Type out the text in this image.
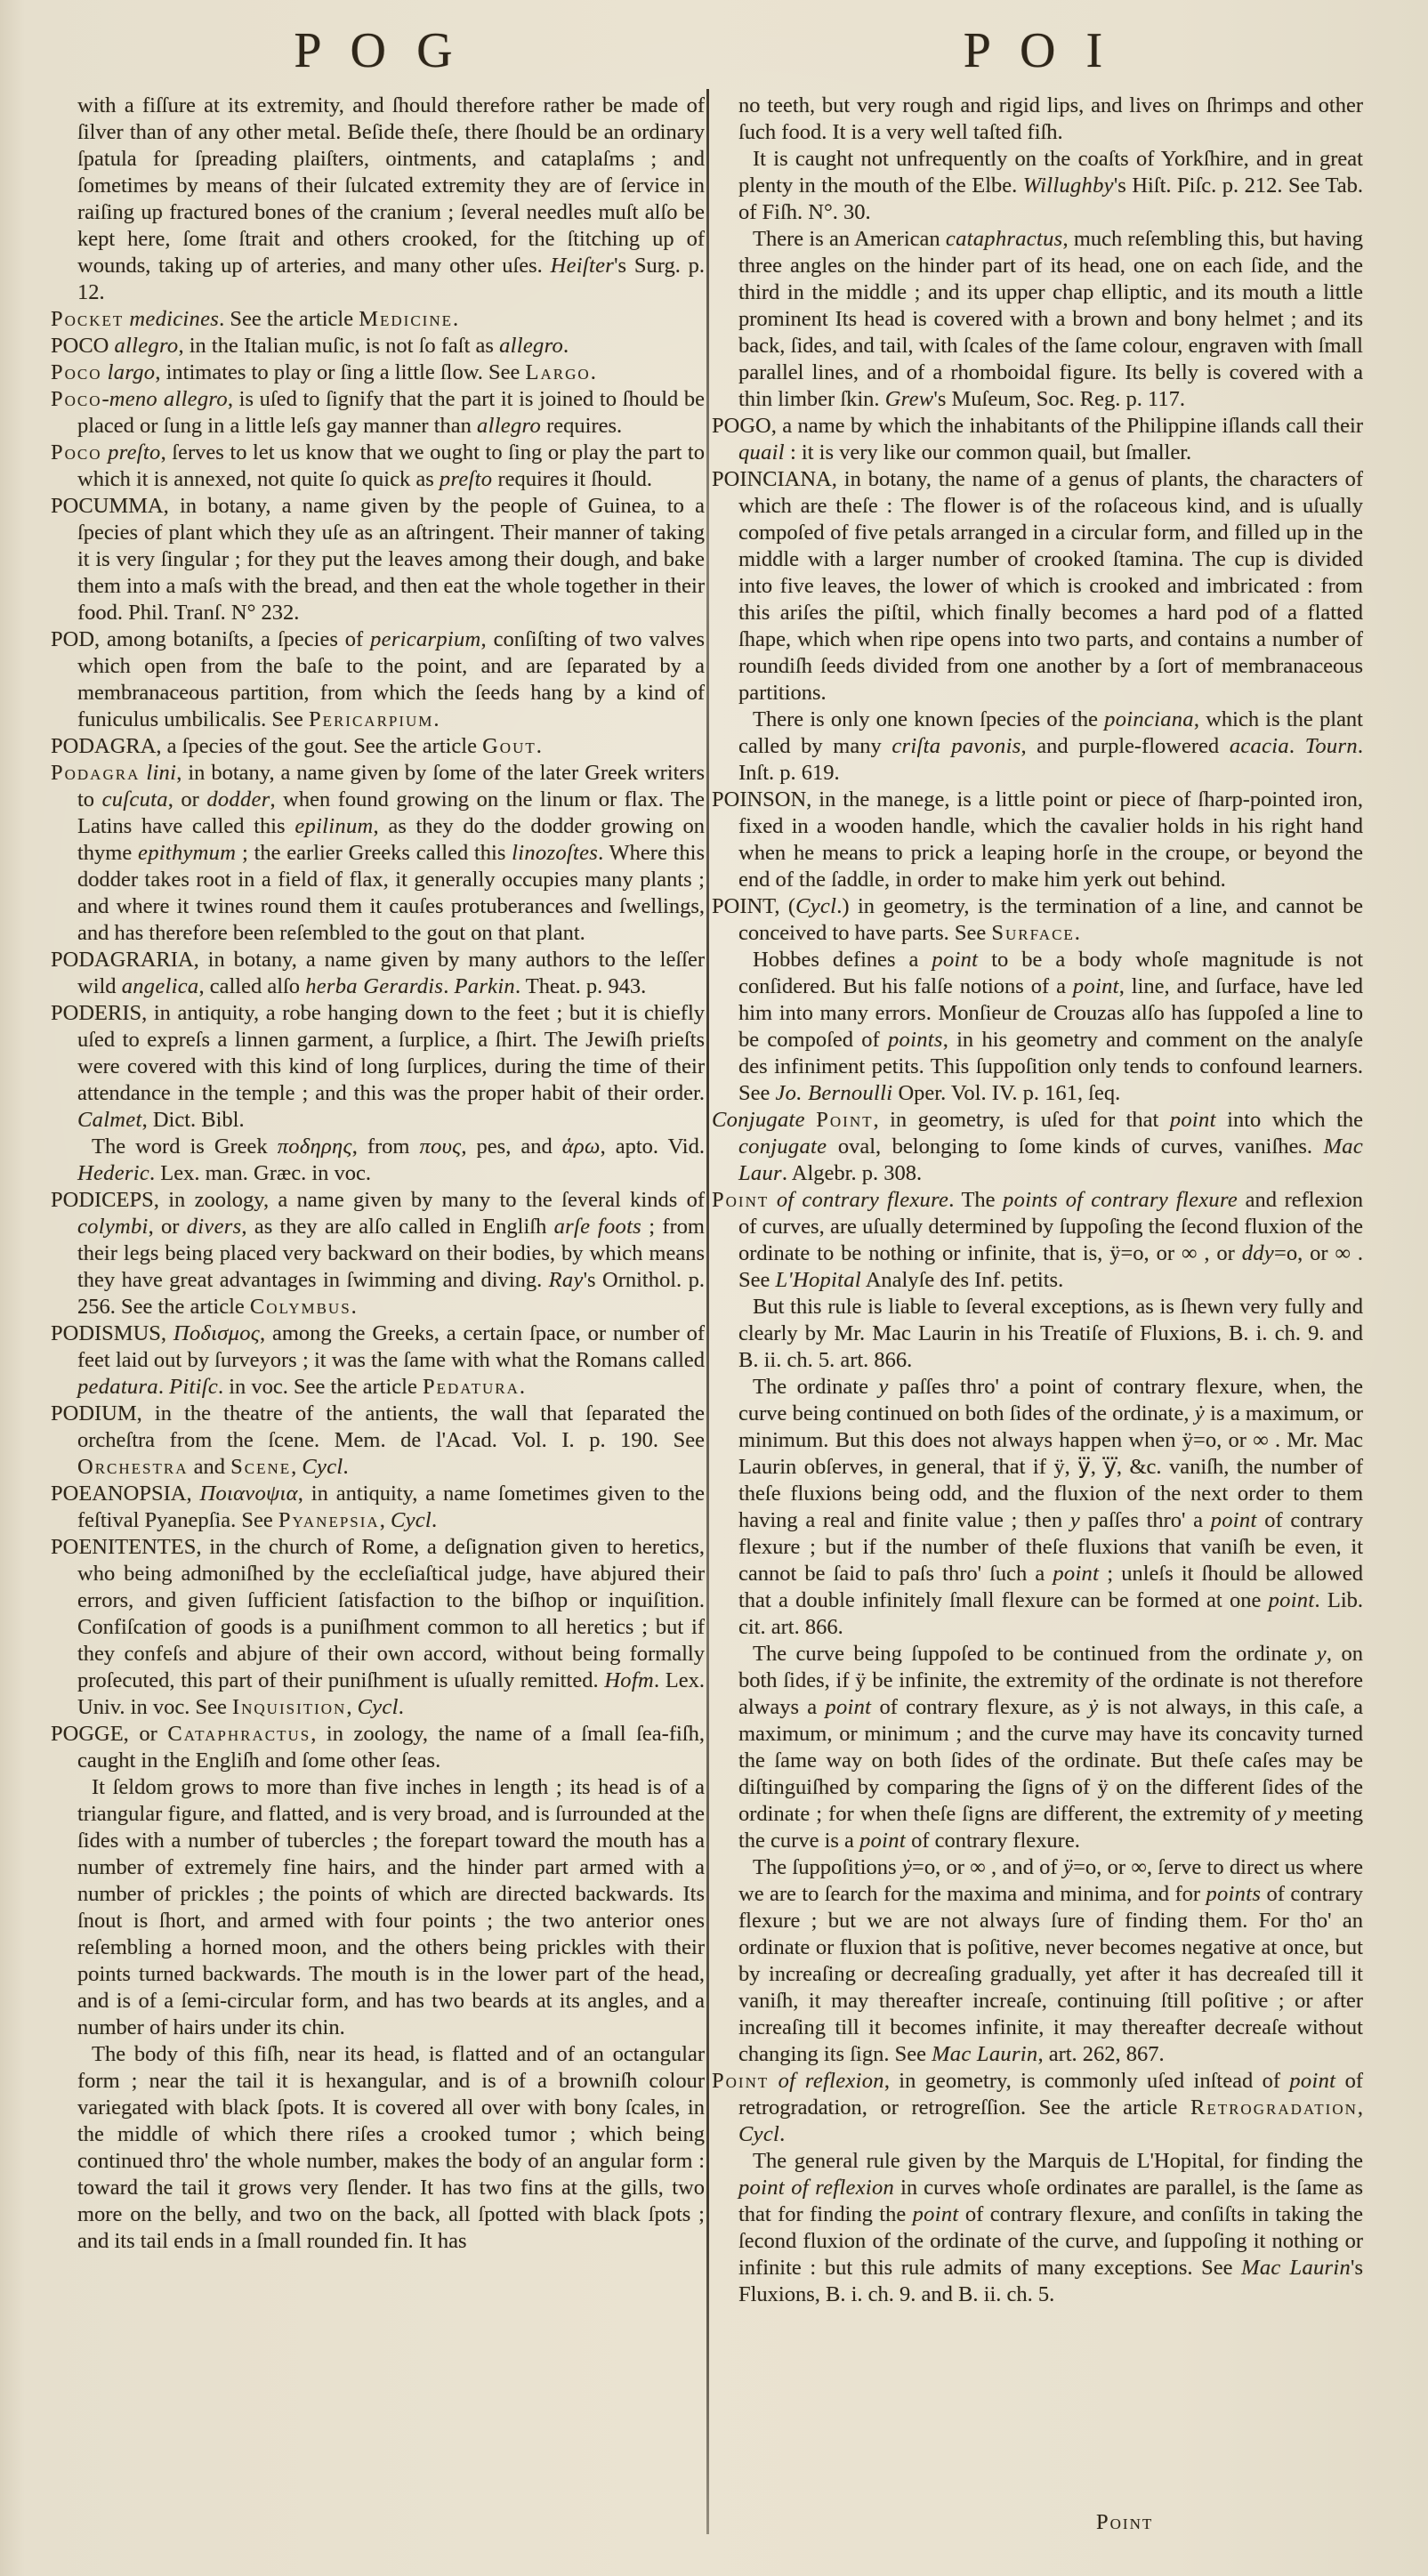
P O G	P O I

with a fiſſure at its extremity, and ſhould therefore rather be made of ſilver than of any other metal. Beſide theſe, there ſhould be an ordinary ſpatula for ſpreading plaiſters, ointments, and cataplaſms ; and ſometimes by means of their ſulcated extremity they are of ſervice in raiſing up fractured bones of the cranium ; ſeveral needles muſt alſo be kept here, ſome ſtrait and others crooked, for the ſtitching up of wounds, taking up of arteries, and many other uſes. Heiſter's Surg. p. 12.

Pocket medicines. See the article Medicine.

POCO allegro, in the Italian muſic, is not ſo faſt as allegro.

Poco largo, intimates to play or ſing a little ſlow. See Largo.

Poco-meno allegro, is uſed to ſignify that the part it is joined to ſhould be placed or ſung in a little leſs gay manner than allegro requires.

Poco preſto, ſerves to let us know that we ought to ſing or play the part to which it is annexed, not quite ſo quick as preſto requires it ſhould.

POCUMMA, in botany, a name given by the people of Guinea, to a ſpecies of plant which they uſe as an aſtringent. Their manner of taking it is very ſingular ; for they put the leaves among their dough, and bake them into a maſs with the bread, and then eat the whole together in their food. Phil. Tranſ. N° 232.

POD, among botaniſts, a ſpecies of pericarpium, conſiſting of two valves which open from the baſe to the point, and are ſeparated by a membranaceous partition, from which the ſeeds hang by a kind of funiculus umbilicalis. See Pericarpium.

PODAGRA, a ſpecies of the gout. See the article Gout.

Podagra lini, in botany, a name given by ſome of the later Greek writers to cuſcuta, or dodder, when found growing on the linum or flax. The Latins have called this epilinum, as they do the dodder growing on thyme epithymum ; the earlier Greeks called this linozoſtes. Where this dodder takes root in a field of flax, it generally occupies many plants ; and where it twines round them it cauſes protuberances and ſwellings, and has therefore been reſembled to the gout on that plant.

PODAGRARIA, in botany, a name given by many authors to the leſſer wild angelica, called alſo herba Gerardis. Parkin. Theat. p. 943.

PODERIS, in antiquity, a robe hanging down to the feet ; but it is chiefly uſed to expreſs a linnen garment, a ſurplice, a ſhirt. The Jewiſh prieſts were covered with this kind of long ſurplices, during the time of their attendance in the temple ; and this was the proper habit of their order. Calmet, Dict. Bibl.

The word is Greek ποδηρης, from πους, pes, and ἁρω, apto. Vid. Hederic. Lex. man. Græc. in voc.

PODICEPS, in zoology, a name given by many to the ſeveral kinds of colymbi, or divers, as they are alſo called in Engliſh arſe foots ; from their legs being placed very backward on their bodies, by which means they have great advantages in ſwimming and diving. Ray's Ornithol. p. 256. See the article Colymbus.

PODISMUS, Ποδισμος, among the Greeks, a certain ſpace, or number of feet laid out by ſurveyors ; it was the ſame with what the Romans called pedatura. Pitiſc. in voc. See the article Pedatura.

PODIUM, in the theatre of the antients, the wall that ſeparated the orcheſtra from the ſcene. Mem. de l'Acad. Vol. I. p. 190. See Orchestra and Scene, Cycl.

POEANOPSIA, Ποιανοψια, in antiquity, a name ſometimes given to the feſtival Pyanepſia. See Pyanepsia, Cycl.

POENITENTES, in the church of Rome, a deſignation given to heretics, who being admoniſhed by the eccleſiaſtical judge, have abjured their errors, and given ſufficient ſatisfaction to the biſhop or inquiſition. Confiſcation of goods is a puniſhment common to all heretics ; but if they confeſs and abjure of their own accord, without being formally proſecuted, this part of their puniſhment is uſually remitted. Hofm. Lex. Univ. in voc. See Inquisition, Cycl.

POGGE, or Cataphractus, in zoology, the name of a ſmall ſea-fiſh, caught in the Engliſh and ſome other ſeas.

It ſeldom grows to more than five inches in length ; its head is of a triangular figure, and flatted, and is very broad, and is ſurrounded at the ſides with a number of tubercles ; the forepart toward the mouth has a number of extremely fine hairs, and the hinder part armed with a number of prickles ; the points of which are directed backwards. Its ſnout is ſhort, and armed with four points ; the two anterior ones reſembling a horned moon, and the others being prickles with their points turned backwards. The mouth is in the lower part of the head, and is of a ſemi-circular form, and has two beards at its angles, and a number of hairs under its chin.

The body of this fiſh, near its head, is flatted and of an octangular form ; near the tail it is hexangular, and is of a browniſh colour variegated with black ſpots. It is covered all over with bony ſcales, in the middle of which there riſes a crooked tumor ; which being continued thro' the whole number, makes the body of an angular form : toward the tail it grows very ſlender. It has two fins at the gills, two more on the belly, and two on the back, all ſpotted with black ſpots ; and its tail ends in a ſmall rounded fin. It has

no teeth, but very rough and rigid lips, and lives on ſhrimps and other ſuch food. It is a very well taſted fiſh.

It is caught not unfrequently on the coaſts of Yorkſhire, and in great plenty in the mouth of the Elbe. Willughby's Hiſt. Piſc. p. 212. See Tab. of Fiſh. N°. 30.

There is an American cataphractus, much reſembling this, but having three angles on the hinder part of its head, one on each ſide, and the third in the middle ; and its upper chap elliptic, and its mouth a little prominent Its head is covered with a brown and bony helmet ; and its back, ſides, and tail, with ſcales of the ſame colour, engraven with ſmall parallel lines, and of a rhomboidal figure. Its belly is covered with a thin limber ſkin. Grew's Muſeum, Soc. Reg. p. 117.

POGO, a name by which the inhabitants of the Philippine iſlands call their quail : it is very like our common quail, but ſmaller.

POINCIANA, in botany, the name of a genus of plants, the characters of which are theſe : The flower is of the roſaceous kind, and is uſually compoſed of five petals arranged in a circular form, and filled up in the middle with a larger number of crooked ſtamina. The cup is divided into five leaves, the lower of which is crooked and imbricated : from this ariſes the piſtil, which finally becomes a hard pod of a flatted ſhape, which when ripe opens into two parts, and contains a number of roundiſh ſeeds divided from one another by a ſort of membranaceous partitions.

There is only one known ſpecies of the poinciana, which is the plant called by many criſta pavonis, and purple-flowered acacia. Tourn. Inſt. p. 619.

POINSON, in the manege, is a little point or piece of ſharp-pointed iron, fixed in a wooden handle, which the cavalier holds in his right hand when he means to prick a leaping horſe in the croupe, or beyond the end of the ſaddle, in order to make him yerk out behind.

POINT, (Cycl.) in geometry, is the termination of a line, and cannot be conceived to have parts. See Surface.

Hobbes defines a point to be a body whoſe magnitude is not conſidered. But his falſe notions of a point, line, and ſurface, have led him into many errors. Monſieur de Crouzas alſo has ſuppoſed a line to be compoſed of points, in his geometry and comment on the analyſe des infiniment petits. This ſuppoſition only tends to confound learners. See Jo. Bernoulli Oper. Vol. IV. p. 161, ſeq.

Conjugate Point, in geometry, is uſed for that point into which the conjugate oval, belonging to ſome kinds of curves, vaniſhes. Mac Laur. Algebr. p. 308.

Point of contrary flexure. The points of contrary flexure and reflexion of curves, are uſually determined by ſuppoſing the ſecond fluxion of the ordinate to be nothing or infinite, that is, ÿ=o, or ∞ , or ddy=o, or ∞ . See L'Hopital Analyſe des Inf. petits.

But this rule is liable to ſeveral exceptions, as is ſhewn very fully and clearly by Mr. Mac Laurin in his Treatiſe of Fluxions, B. i. ch. 9. and B. ii. ch. 5. art. 866.

The ordinate y paſſes thro' a point of contrary flexure, when, the curve being continued on both ſides of the ordinate, ẏ is a maximum, or minimum. But this does not always happen when ÿ=o, or ∞ . Mr. Mac Laurin obſerves, in general, that if ÿ, y⃛, y⃜, &c. vaniſh, the number of theſe fluxions being odd, and the fluxion of the next order to them having a real and finite value ; then y paſſes thro' a point of contrary flexure ; but if the number of theſe fluxions that vaniſh be even, it cannot be ſaid to paſs thro' ſuch a point ; unleſs it ſhould be allowed that a double infinitely ſmall flexure can be formed at one point. Lib. cit. art. 866.

The curve being ſuppoſed to be continued from the ordinate y, on both ſides, if ÿ be infinite, the extremity of the ordinate is not therefore always a point of contrary flexure, as ẏ is not always, in this caſe, a maximum, or minimum ; and the curve may have its concavity turned the ſame way on both ſides of the ordinate. But theſe caſes may be diſtinguiſhed by comparing the ſigns of ÿ on the different ſides of the ordinate ; for when theſe ſigns are different, the extremity of y meeting the curve is a point of contrary flexure.

The ſuppoſitions ẏ=o, or ∞ , and of ÿ=o, or ∞, ſerve to direct us where we are to ſearch for the maxima and minima, and for points of contrary flexure ; but we are not always ſure of finding them. For tho' an ordinate or fluxion that is poſitive, never becomes negative at once, but by increaſing or decreaſing gradually, yet after it has decreaſed till it vaniſh, it may thereafter increaſe, continuing ſtill poſitive ; or after increaſing till it becomes infinite, it may thereafter decreaſe without changing its ſign. See Mac Laurin, art. 262, 867.

Point of reflexion, in geometry, is commonly uſed inſtead of point of retrogradation, or retrogreſſion. See the article Retrogradation, Cycl.

The general rule given by the Marquis de L'Hopital, for finding the point of reflexion in curves whoſe ordinates are parallel, is the ſame as that for finding the point of contrary flexure, and conſiſts in taking the ſecond fluxion of the ordinate of the curve, and ſuppoſing it nothing or infinite : but this rule admits of many exceptions. See Mac Laurin's Fluxions, B. i. ch. 9. and B. ii. ch. 5.

Point
